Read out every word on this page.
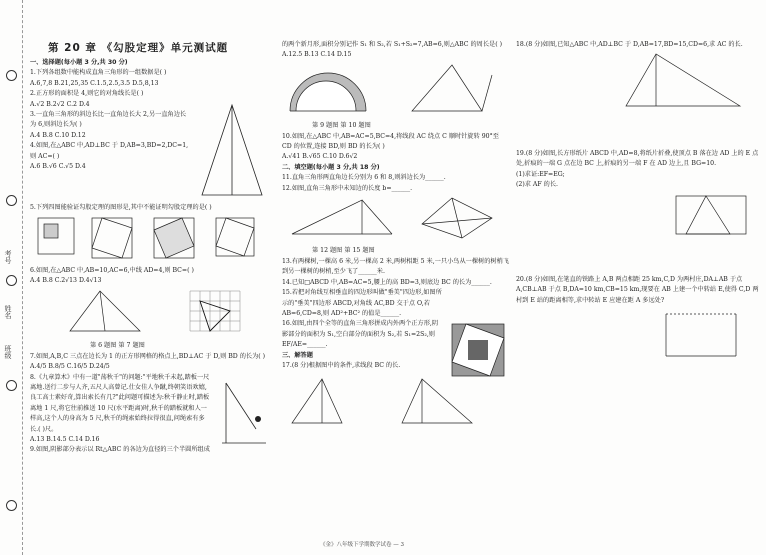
考号
姓名
班级
第 20 章 《勾股定理》单元测试题
一、选择题(每小题 3 分,共 30 分)
1.下列各组数中能构成直角三角形的一组数据是( )
A.6,7,8 B.21,25,35 C.1.5,2.5,3.5 D.5,8,13
2.正方形的面积是 4,则它的对角线长是( )
A.√2 B.2√2 C.2 D.4
3.一直角三角形的斜边长比一直角边长大 2,另一直角边长为 6,则斜边长为( )
A.4 B.8 C.10 D.12
4.如图,在△ABC 中,AD⊥BC 于 D,AB=3,BD=2,DC=1,则 AC=( )
A.6 B.√6 C.√5 D.4
5.下列四图能验证勾股定理的图形是,其中不能证明勾股定理的是( )
6.如图,在△ABC 中,AB=10,AC=6,中线 AD=4,则 BC=( )
A.4 B.8 C.2√13 D.4√13
第 6 题图 第 7 题图
7.如图,A,B,C 三点在边长为 1 的正方形网格的格点上,BD⊥AC 于 D,则 BD 的长为( )
A.4/5 B.8/5 C.16/5 D.24/5
8.《九章算术》中有一道"荡秋千"的问题:"平地秋千未起,踏板一尺离地.送行二步与人齐,五尺人高曾记.仕女佳人争蹴,终朝笑语欢嬉,良工高士素好奇,算出索长有几?"此问题可描述为:秋千静止时,踏板离地 1 尺,将它往前推送 10 尺(水平距离)时,秋千的踏板就和人一样高,这个人的身高为 5 尺,秋千的绳索始终拉得很直,问绳索有多长.( )尺。
A.13 B.14.5 C.14 D.16
9.如图,阴影部分表示以 Rt△ABC 的各边为直径的三个半圆所组成
的两个新月形,面积分别记作 S₁ 和 S₂,若 S₁+S₂=7,AB=6,则△ABC 的周长是( )
A.12.5 B.13 C.14 D.15
第 9 题图 第 10 题图
10.如图,在△ABC 中,AB=AC=5,BC=4,将线段 AC 绕点 C 顺时针旋转 90°至 CD 的位置,连接 BD,则 BD 的长为( )
A.√41 B.√65 C.10 D.6√2
二、填空题(每小题 3 分,共 18 分)
11.直角三角形两直角边长分别为 6 和 8,则斜边长为______.
12.如图,直角三角形中未知边的长度 b=______.
第 12 题图 第 15 题图
13.有两棵树,一棵高 6 米,另一棵高 2 米,两树相距 5 米,一只小鸟从一棵树的树梢飞到另一棵树的树梢,至少飞了______米.
14.已知□ABCD 中,AB=AC=5,腰上的高 BD=3,则底边 BC 的长为______.
15.若把对角线互相垂直的四边形叫做"垂美"四边形,如图所示的"垂美"四边形 ABCD,对角线 AC,BD 交于点 O,若 AB=6,CD=8,则 AD²+BC² 的值是______.
16.如图,由四个全等的直角三角形拼成内外两个正方形,阴影部分的面积为 S₁,空白部分的面积为 S₂,若 S₁=2S₂,则 EF/AE=______.
三、解答题
17.(8 分)根据图中的条件,求线段 BC 的长.
18.(8 分)如图,已知△ABC 中,AD⊥BC 于 D,AB=17,BD=15,CD=6,求 AC 的长.
19.(8 分)如图,长方形纸片 ABCD 中,AD=8,将纸片折叠,使顶点 B 落在边 AD 上的 E 点处,折痕的一端 G 点在边 BC 上,折痕的另一端 F 在 AD 边上,且 BG=10.
(1)求证:EF=EG;
(2)求 AF 的长.
20.(8 分)如图,在笔直的铁路上 A,B 两点相距 25 km,C,D 为两村庄,DA⊥AB 于点 A,CB⊥AB 于点 B,DA=10 km,CB=15 km,现要在 AB 上建一个中转站 E,使得 C,D 两村到 E 站的距离相等,求中转站 E 应建在距 A 多远处?
《金》八年级下学期数学试卷 — 3
